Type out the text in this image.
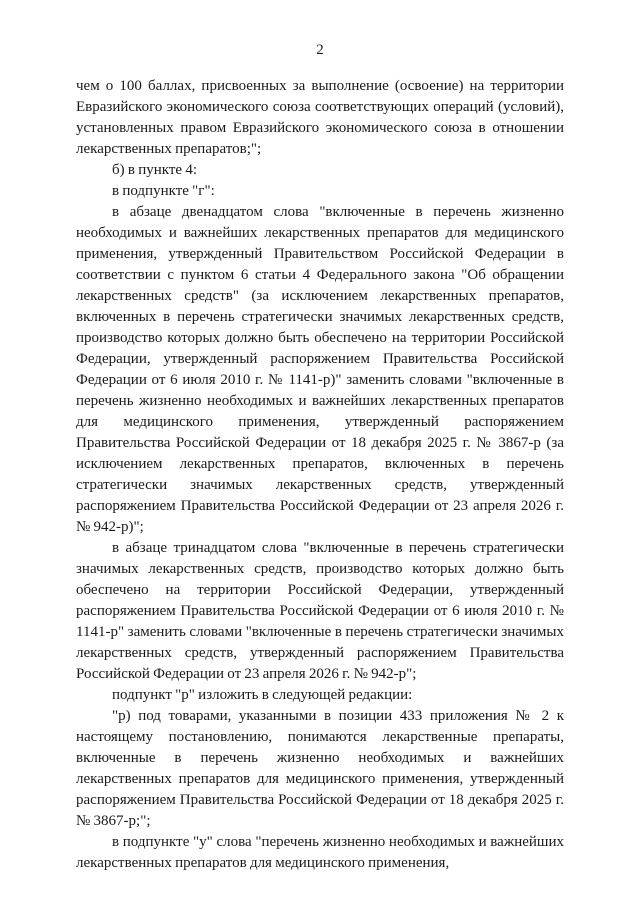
2

чем о 100 баллах, присвоенных за выполнение (освоение) на территории Евразийского экономического союза соответствующих операций (условий), установленных правом Евразийского экономического союза в отношении лекарственных препаратов;";

б) в пункте 4:

в подпункте "г":

в абзаце двенадцатом слова "включенные в перечень жизненно необходимых и важнейших лекарственных препаратов для медицинского применения, утвержденный Правительством Российской Федерации в соответствии с пунктом 6 статьи 4 Федерального закона "Об обращении лекарственных средств" (за исключением лекарственных препаратов, включенных в перечень стратегически значимых лекарственных средств, производство которых должно быть обеспечено на территории Российской Федерации, утвержденный распоряжением Правительства Российской Федерации от 6 июля 2010 г. № 1141-р)" заменить словами "включенные в перечень жизненно необходимых и важнейших лекарственных препаратов для медицинского применения, утвержденный распоряжением Правительства Российской Федерации от 18 декабря 2025 г. № 3867-р (за исключением лекарственных препаратов, включенных в перечень стратегически значимых лекарственных средств, утвержденный распоряжением Правительства Российской Федерации от 23 апреля 2026 г. № 942-р)";

в абзаце тринадцатом слова "включенные в перечень стратегически значимых лекарственных средств, производство которых должно быть обеспечено на территории Российской Федерации, утвержденный распоряжением Правительства Российской Федерации от 6 июля 2010 г. № 1141-р" заменить словами "включенные в перечень стратегически значимых лекарственных средств, утвержденный распоряжением Правительства Российской Федерации от 23 апреля 2026 г. № 942-р";

подпункт "р" изложить в следующей редакции:

"р) под товарами, указанными в позиции 433 приложения № 2 к настоящему постановлению, понимаются лекарственные препараты, включенные в перечень жизненно необходимых и важнейших лекарственных препаратов для медицинского применения, утвержденный распоряжением Правительства Российской Федерации от 18 декабря 2025 г. № 3867-р;";

в подпункте "у" слова "перечень жизненно необходимых и важнейших лекарственных препаратов для медицинского применения,
